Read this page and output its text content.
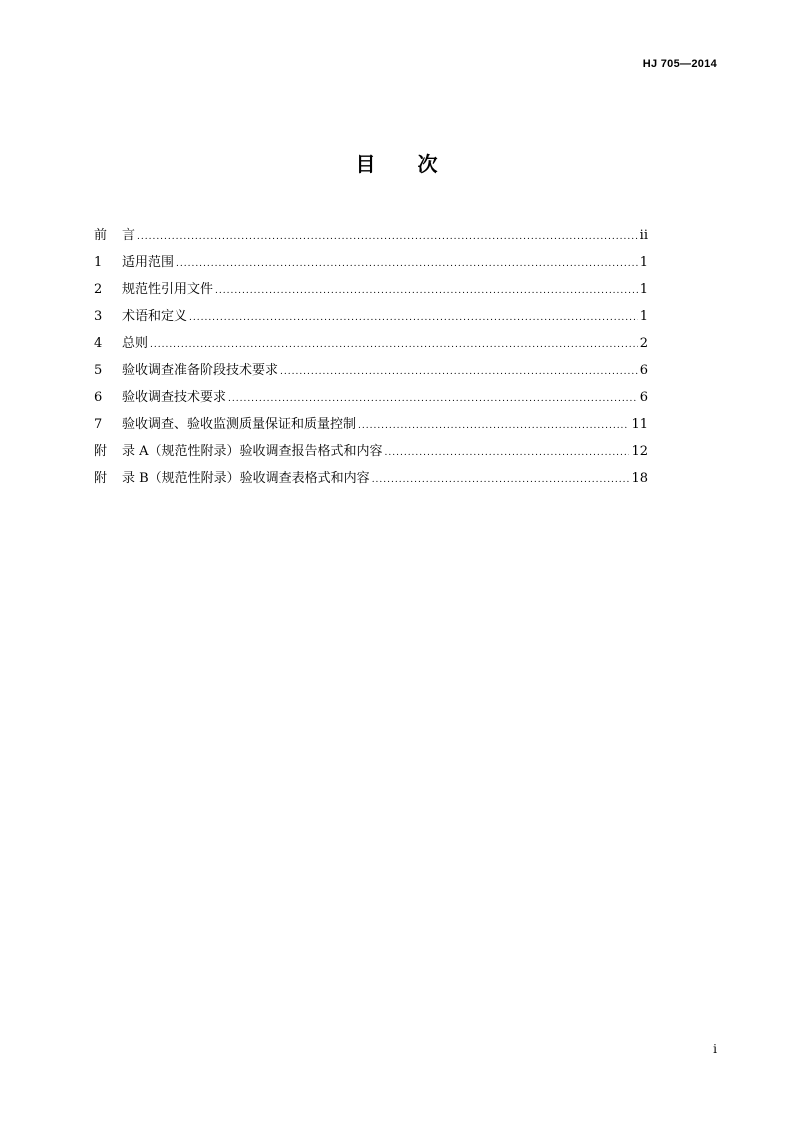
HJ 705—2014
目 次
前	言 .....	ii
1	适用范围 .....	1
2	规范性引用文件 .....	1
3	术语和定义 .....	1
4	总则 .....	2
5	验收调查准备阶段技术要求 .....	6
6	验收调查技术要求 .....	6
7	验收调查、验收监测质量保证和质量控制 .....	11
附	录 A（规范性附录）验收调查报告格式和内容 .....	12
附	录 B（规范性附录）验收调查表格式和内容 .....	18
i
